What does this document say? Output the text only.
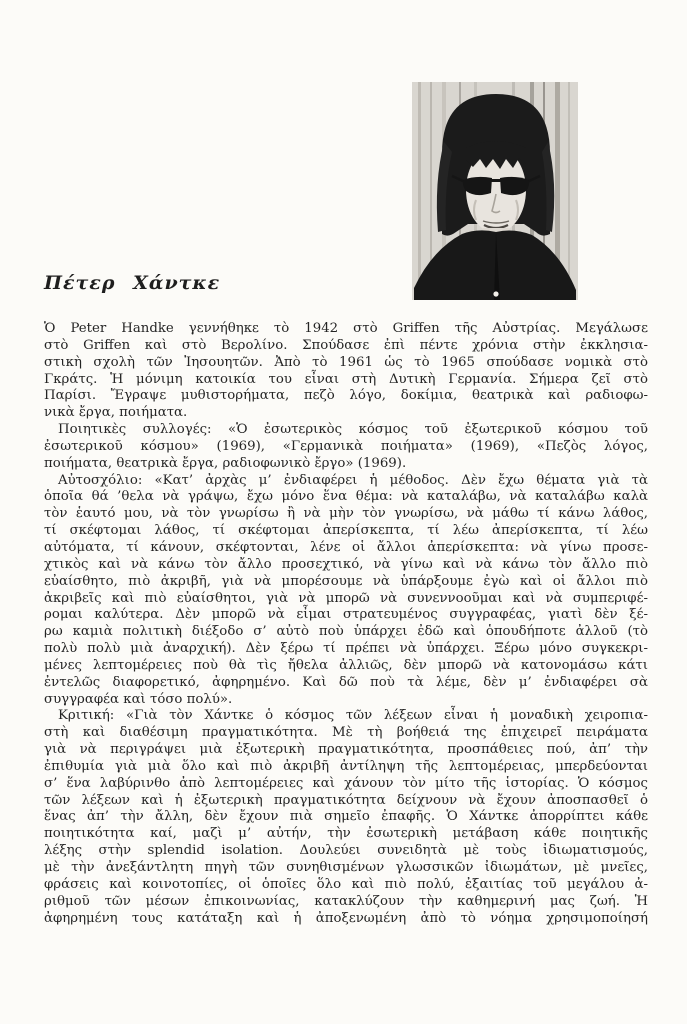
Πέτερ Χάντκε
Ὁ Peter Handke γεννήθηκε τὸ 1942 στὸ Griffen τῆς Αὐστρίας. Μεγάλωσε
στὸ Griffen καὶ στὸ Βερολίνο. Σπούδασε ἐπὶ πέντε χρόνια στὴν ἐκκλησια-
στικὴ σχολὴ τῶν Ἰησουητῶν. Ἀπὸ τὸ 1961 ὡς τὸ 1965 σπούδασε νομικὰ στὸ
Γκράτς. Ἡ μόνιμη κατοικία του εἶναι στὴ Δυτικὴ Γερμανία. Σήμερα ζεῖ στὸ
Παρίσι. Ἔγραψε μυθιστορήματα, πεζὸ λόγο, δοκίμια, θεατρικὰ καὶ ραδιοφω-
νικὰ ἔργα, ποιήματα.
Ποιητικὲς συλλογές: «Ὁ ἐσωτερικὸς κόσμος τοῦ ἐξωτερικοῦ κόσμου τοῦ
ἐσωτερικοῦ κόσμου» (1969), «Γερμανικὰ ποιήματα» (1969), «Πεζὸς λόγος,
ποιήματα, θεατρικὰ ἔργα, ραδιοφωνικὸ ἔργο» (1969).
Αὐτοσχόλιο: «Κατ’ ἀρχὰς μ’ ἐνδιαφέρει ἡ μέθοδος. Δὲν ἔχω θέματα γιὰ τὰ
ὁποῖα θά ’θελα νὰ γράψω, ἔχω μόνο ἕνα θέμα: νὰ καταλάβω, νὰ καταλάβω καλὰ
τὸν ἑαυτό μου, νὰ τὸν γνωρίσω ἢ νὰ μὴν τὸν γνωρίσω, νὰ μάθω τί κάνω λάθος,
τί σκέφτομαι λάθος, τί σκέφτομαι ἀπερίσκεπτα, τί λέω ἀπερίσκεπτα, τί λέω
αὐτόματα, τί κάνουν, σκέφτονται, λένε οἱ ἄλλοι ἀπερίσκεπτα: νὰ γίνω προσε-
χτικὸς καὶ νὰ κάνω τὸν ἄλλο προσεχτικό, νὰ γίνω καὶ νὰ κάνω τὸν ἄλλο πιὸ
εὐαίσθητο, πιὸ ἀκριβῆ, γιὰ νὰ μπορέσουμε νὰ ὑπάρξουμε ἐγὼ καὶ οἱ ἄλλοι πιὸ
ἀκριβεῖς καὶ πιὸ εὐαίσθητοι, γιὰ νὰ μπορῶ νὰ συνεννοοῦμαι καὶ νὰ συμπεριφέ-
ρομαι καλύτερα. Δὲν μπορῶ νὰ εἶμαι στρατευμένος συγγραφέας, γιατὶ δὲν ξέ-
ρω καμιὰ πολιτικὴ διέξοδο σ’ αὐτὸ ποὺ ὑπάρχει ἐδῶ καὶ ὁπουδήποτε ἀλλοῦ (τὸ
πολὺ πολὺ μιὰ ἀναρχική). Δὲν ξέρω τί πρέπει νὰ ὑπάρχει. Ξέρω μόνο συγκεκρι-
μένες λεπτομέρειες ποὺ θὰ τὶς ἤθελα ἀλλιῶς, δὲν μπορῶ νὰ κατονομάσω κάτι
ἐντελῶς διαφορετικό, ἀφηρημένο. Καὶ δῶ ποὺ τὰ λέμε, δὲν μ’ ἐνδιαφέρει σὰ
συγγραφέα καὶ τόσο πολύ».
Κριτική: «Γιὰ τὸν Χάντκε ὁ κόσμος τῶν λέξεων εἶναι ἡ μοναδικὴ χειροπια-
στὴ καὶ διαθέσιμη πραγματικότητα. Μὲ τὴ βοήθειά της ἐπιχειρεῖ πειράματα
γιὰ νὰ περιγράψει μιὰ ἐξωτερικὴ πραγματικότητα, προσπάθειες πού, ἀπ’ τὴν
ἐπιθυμία γιὰ μιὰ ὅλο καὶ πιὸ ἀκριβῆ ἀντίληψη τῆς λεπτομέρειας, μπερδεύονται
σ’ ἕνα λαβύρινθο ἀπὸ λεπτομέρειες καὶ χάνουν τὸν μίτο τῆς ἱστορίας. Ὁ κόσμος
τῶν λέξεων καὶ ἡ ἐξωτερικὴ πραγματικότητα δείχνουν νὰ ἔχουν ἀποσπασθεῖ ὁ
ἕνας ἀπ’ τὴν ἄλλη, δὲν ἔχουν πιὰ σημεῖο ἐπαφῆς. Ὁ Χάντκε ἀπορρίπτει κάθε
ποιητικότητα καί, μαζὶ μ’ αὐτήν, τὴν ἐσωτερικὴ μετάβαση κάθε ποιητικῆς
λέξης στὴν splendid isolation. Δουλεύει συνειδητὰ μὲ τοὺς ἰδιωματισμούς,
μὲ τὴν ἀνεξάντλητη πηγὴ τῶν συνηθισμένων γλωσσικῶν ἰδιωμάτων, μὲ μνεῖες,
φράσεις καὶ κοινοτοπίες, οἱ ὁποῖες ὅλο καὶ πιὸ πολύ, ἐξαιτίας τοῦ μεγάλου ἀ-
ριθμοῦ τῶν μέσων ἐπικοινωνίας, κατακλύζουν τὴν καθημερινή μας ζωή. Ἡ
ἀφηρημένη τους κατάταξη καὶ ἡ ἀποξενωμένη ἀπὸ τὸ νόημα χρησιμοποίησή
